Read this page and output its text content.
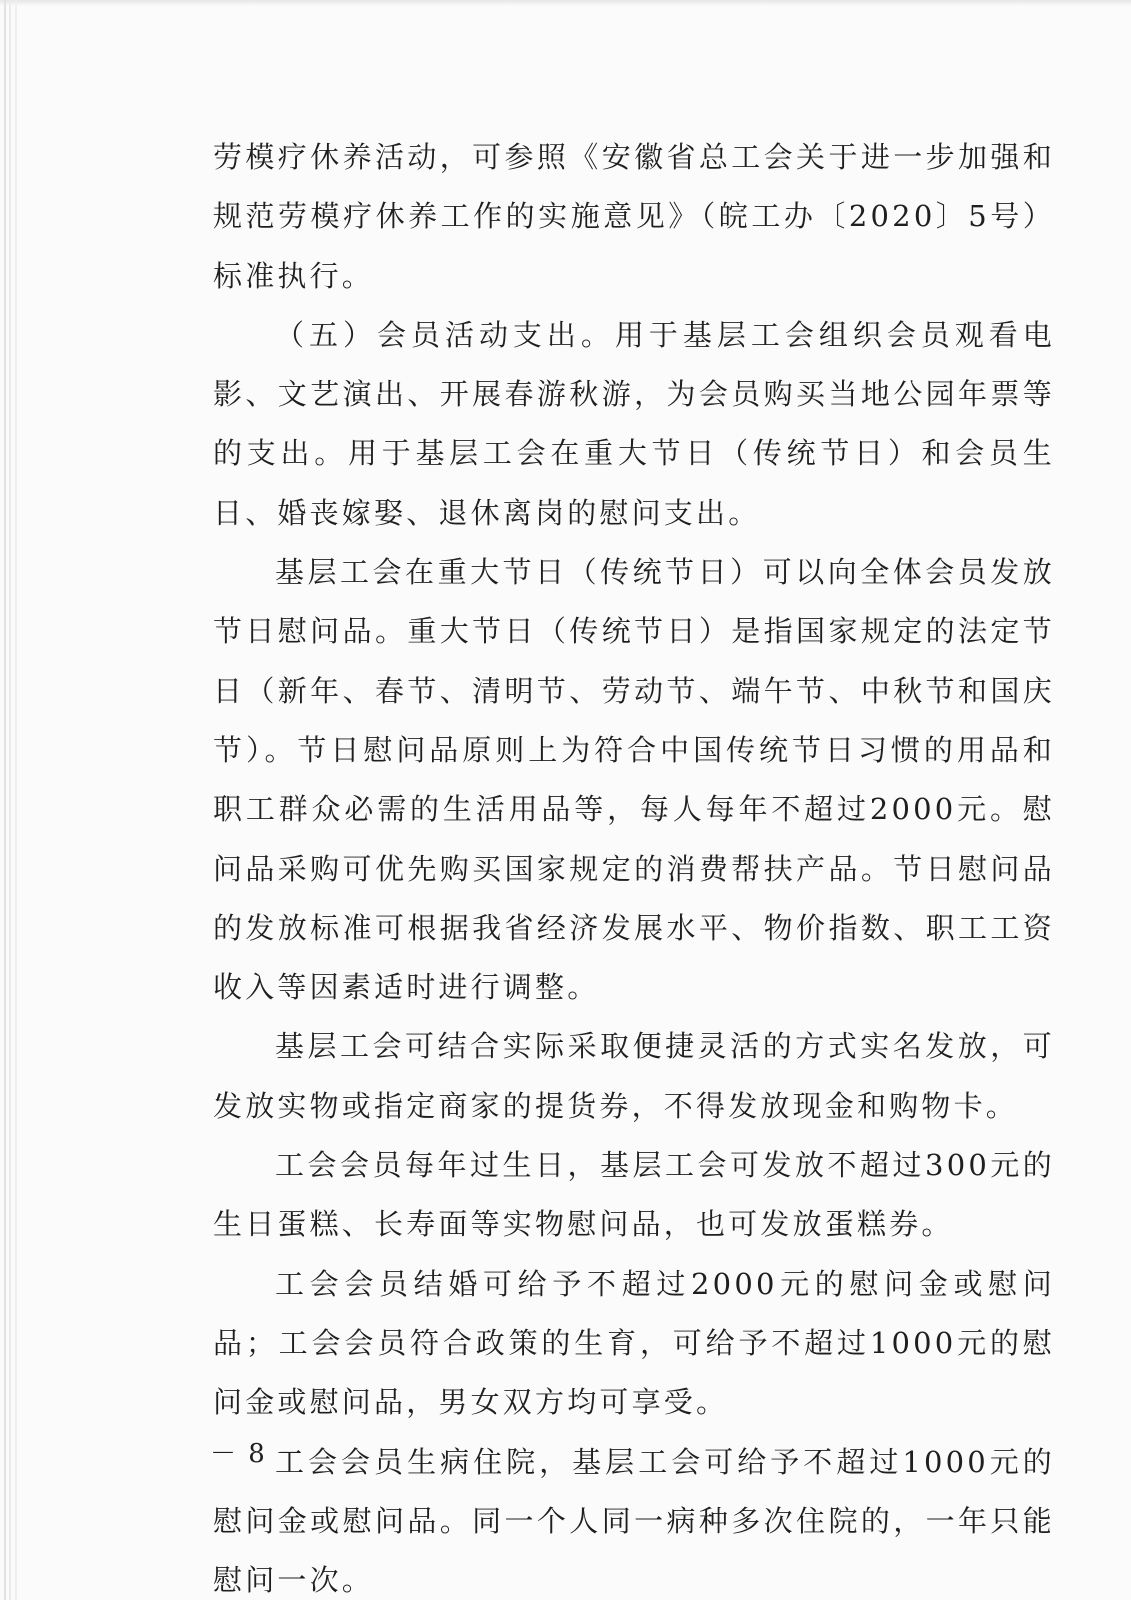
劳模疗休养活动，可参照《安徽省总工会关于进一步加强和规范劳模疗休养工作的实施意见》（皖工办〔2020〕5号）标准执行。

（五）会员活动支出。用于基层工会组织会员观看电影、文艺演出、开展春游秋游，为会员购买当地公园年票等的支出。用于基层工会在重大节日（传统节日）和会员生日、婚丧嫁娶、退休离岗的慰问支出。

基层工会在重大节日（传统节日）可以向全体会员发放节日慰问品。重大节日（传统节日）是指国家规定的法定节日（新年、春节、清明节、劳动节、端午节、中秋节和国庆节）。节日慰问品原则上为符合中国传统节日习惯的用品和职工群众必需的生活用品等，每人每年不超过2000元。慰问品采购可优先购买国家规定的消费帮扶产品。节日慰问品的发放标准可根据我省经济发展水平、物价指数、职工工资收入等因素适时进行调整。

基层工会可结合实际采取便捷灵活的方式实名发放，可发放实物或指定商家的提货券，不得发放现金和购物卡。

工会会员每年过生日，基层工会可发放不超过300元的生日蛋糕、长寿面等实物慰问品，也可发放蛋糕券。

工会会员结婚可给予不超过2000元的慰问金或慰问品；工会会员符合政策的生育，可给予不超过1000元的慰问金或慰问品，男女双方均可享受。

工会会员生病住院，基层工会可给予不超过1000元的慰问金或慰问品。同一个人同一病种多次住院的，一年只能慰问一次。

－ 8 －
